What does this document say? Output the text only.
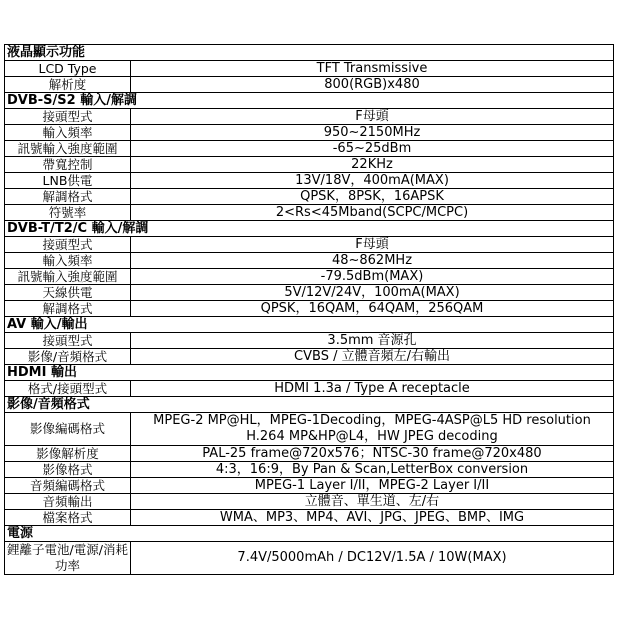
液晶顯示功能	
LCD Type	TFT Transmissive

解析度	800(RGB)x480

DVB-S/S2 輸入/解調	
接頭型式	F母頭

輸入頻率	950~2150MHz

訊號輸入強度範圍	-65~25dBm

帶寬控制	22KHz

LNB供電	13V/18V，400mA(MAX)

解調格式	QPSK，8PSK，16APSK

符號率	2<Rs<45Mband(SCPC/MCPC)

DVB-T/T2/C 輸入/解調	
接頭型式	F母頭

輸入頻率	48~862MHz

訊號輸入強度範圍	-79.5dBm(MAX)

天線供電	5V/12V/24V，100mA(MAX)

解調格式	QPSK，16QAM，64QAM，256QAM

AV 輸入/輸出	
接頭型式	3.5mm 音源孔

影像/音頻格式	CVBS / 立體音頻左/右輸出

HDMI 輸出	
格式/接頭型式	HDMI 1.3a / Type A receptacle

影像/音頻格式	
影像編碼格式	MPEG-2 MP@HL，MPEG-1Decoding，MPEG-4ASP@L5 HD resolution
H.264 MP&HP@L4，HW JPEG decoding

影像解析度	PAL-25 frame@720x576；NTSC-30 frame@720x480

影像格式	4:3，16:9，By Pan & Scan,LetterBox conversion

音頻編碼格式	MPEG-1 Layer I/II，MPEG-2 Layer I/II

音頻輸出	立體音、單生道、左/右

檔案格式	WMA、MP3、MP4、AVI、JPG、JPEG、BMP、IMG

電源	
鋰離子電池/電源/消耗功率	7.4V/5000mAh / DC12V/1.5A / 10W(MAX)
